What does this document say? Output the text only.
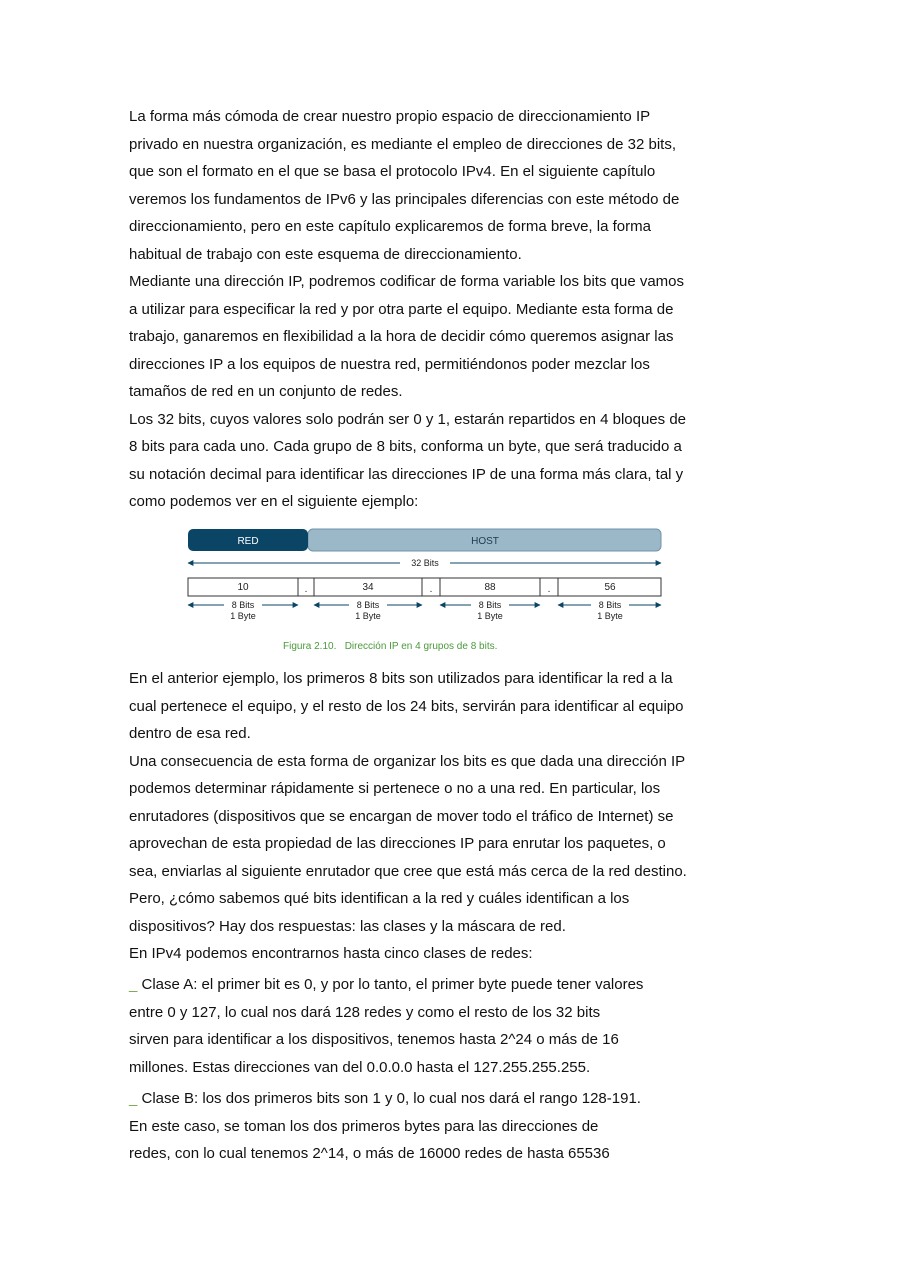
La forma más cómoda de crear nuestro propio espacio de direccionamiento IP
privado en nuestra organización, es mediante el empleo de direcciones de 32 bits,
que son el formato en el que se basa el protocolo IPv4. En el siguiente capítulo
veremos los fundamentos de IPv6 y las principales diferencias con este método de
direccionamiento, pero en este capítulo explicaremos de forma breve, la forma
habitual de trabajo con este esquema de direccionamiento.
Mediante una dirección IP, podremos codificar de forma variable los bits que vamos
a utilizar para especificar la red y por otra parte el equipo. Mediante esta forma de
trabajo, ganaremos en flexibilidad a la hora de decidir cómo queremos asignar las
direcciones IP a los equipos de nuestra red, permitiéndonos poder mezclar los
tamaños de red en un conjunto de redes.
Los 32 bits, cuyos valores solo podrán ser 0 y 1, estarán repartidos en 4 bloques de
8 bits para cada uno. Cada grupo de 8 bits, conforma un byte, que será traducido a
su notación decimal para identificar las direcciones IP de una forma más clara, tal y
como podemos ver en el siguiente ejemplo:
RED	HOST
32 Bits
10	.	34	.	88	.	56
8 Bits
1 Byte
8 Bits
1 Byte
8 Bits
1 Byte
8 Bits
1 Byte
Figura 2.10.   Dirección IP en 4 grupos de 8 bits.
En el anterior ejemplo, los primeros 8 bits son utilizados para identificar la red a la
cual pertenece el equipo, y el resto de los 24 bits, servirán para identificar al equipo
dentro de esa red.
Una consecuencia de esta forma de organizar los bits es que dada una dirección IP
podemos determinar rápidamente si pertenece o no a una red. En particular, los
enrutadores (dispositivos que se encargan de mover todo el tráfico de Internet) se
aprovechan de esta propiedad de las direcciones IP para enrutar los paquetes, o
sea, enviarlas al siguiente enrutador que cree que está más cerca de la red destino.
Pero, ¿cómo sabemos qué bits identifican a la red y cuáles identifican a los
dispositivos? Hay dos respuestas: las clases y la máscara de red.
En IPv4 podemos encontrarnos hasta cinco clases de redes:
_ Clase A: el primer bit es 0, y por lo tanto, el primer byte puede tener valores
entre 0 y 127, lo cual nos dará 128 redes y como el resto de los 32 bits
sirven para identificar a los dispositivos, tenemos hasta 2^24 o más de 16
millones. Estas direcciones van del 0.0.0.0 hasta el 127.255.255.255.
_ Clase B: los dos primeros bits son 1 y 0, lo cual nos dará el rango 128-191.
En este caso, se toman los dos primeros bytes para las direcciones de
redes, con lo cual tenemos 2^14, o más de 16000 redes de hasta 65536
